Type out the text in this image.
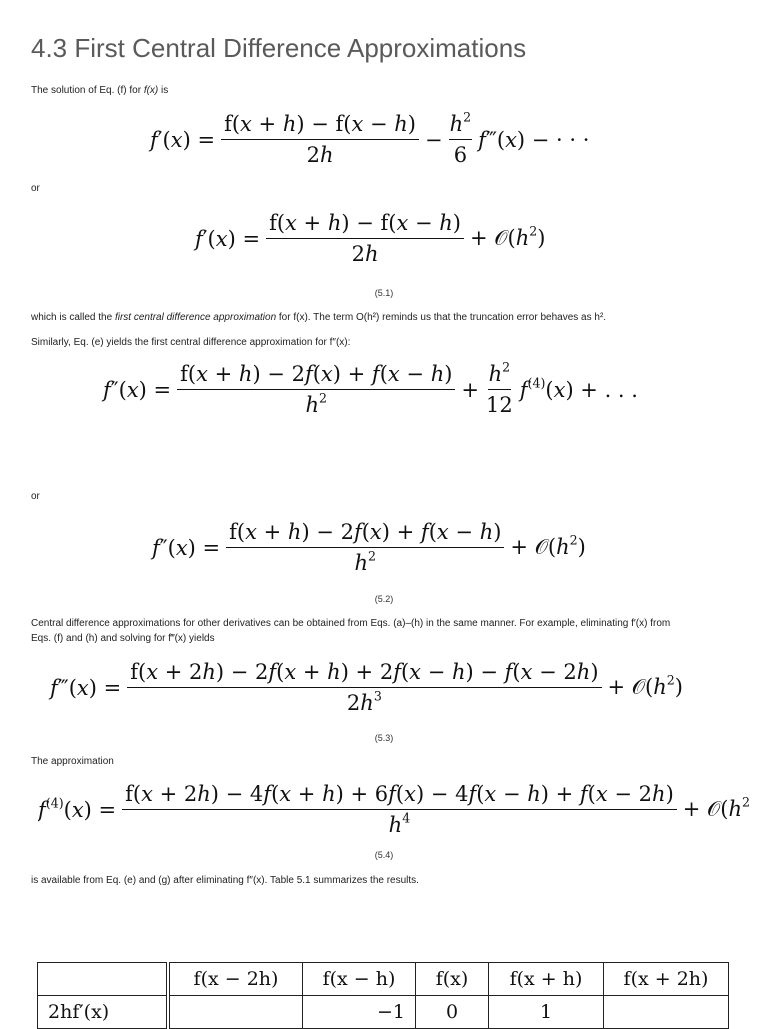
4.3 First Central Difference Approximations
The solution of Eq. (f) for f(x) is
$f'(x) = \frac{f(x + h) - f(x - h)}{2h} - \frac{h^2}{6}$ f‴(x) − · · ·
or
$f'(x) = \frac{f(x + h) - f(x - h)}{2h}$ + $𝒪(h^2)$
(5.1)
which is called the first central difference approximation for f(x). The term O(h²) reminds us that the truncation error behaves as h².
Similarly, Eq. (e) yields the first central difference approximation for f″(x):
$f''(x) = \frac{f(x + h) - 2f(x) + f(x - h)}{h^2} + \frac{h^2}{12} f^{(4)}(x)$ + . . .
or
$f''(x) = \frac{f(x + h) - 2f(x) + f(x - h)}{h^2}$ + $𝒪(h^2)$
(5.2)
Central difference approximations for other derivatives can be obtained from Eqs. (a)–(h) in the same manner. For example, eliminating f′(x) from
Eqs. (f) and (h) and solving for f‴(x) yields
f‴(x) = $\frac{f(x + 2h) - 2f(x + h) + 2f(x - h) - f(x - 2h)}{2h^3}$ + $𝒪(h^2)$
(5.3)
The approximation
$f^{(4)}(x) = \frac{f(x + 2h) - 4f(x + h) + 6f(x) - 4f(x - h) + f(x - 2h)}{h^4}$ + $𝒪(h^2$
(5.4)
is available from Eq. (e) and (g) after eliminating f″(x). Table 5.1 summarizes the results.
	f(x − 2h)	f(x − h)	f(x)	f(x + h)	f(x + 2h)
2hf′(x)		−1	0	1	
